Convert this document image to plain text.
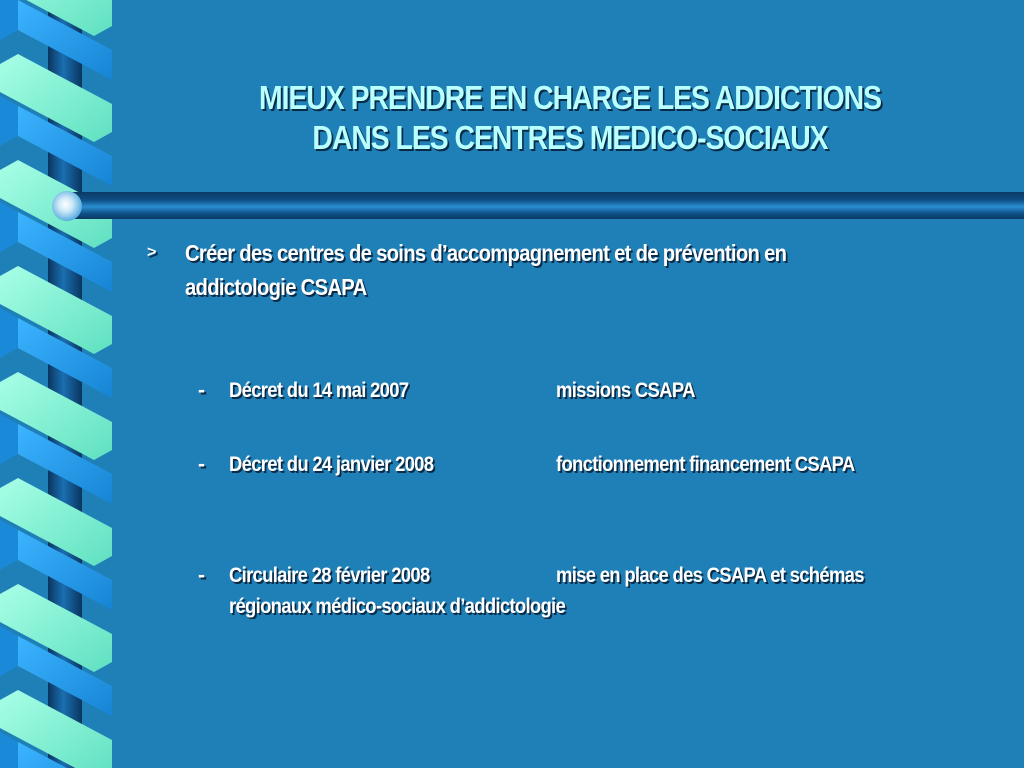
MIEUX PRENDRE EN CHARGE LES ADDICTIONS
DANS LES CENTRES MEDICO-SOCIAUX
> Créer des centres de soins d’accompagnement et de prévention en
addictologie CSAPA
- Décret du 14 mai 2007	missions CSAPA
- Décret du 24 janvier 2008	fonctionnement financement CSAPA
- Circulaire 28 février 2008	mise en place des CSAPA et schémas
régionaux médico-sociaux d’addictologie
